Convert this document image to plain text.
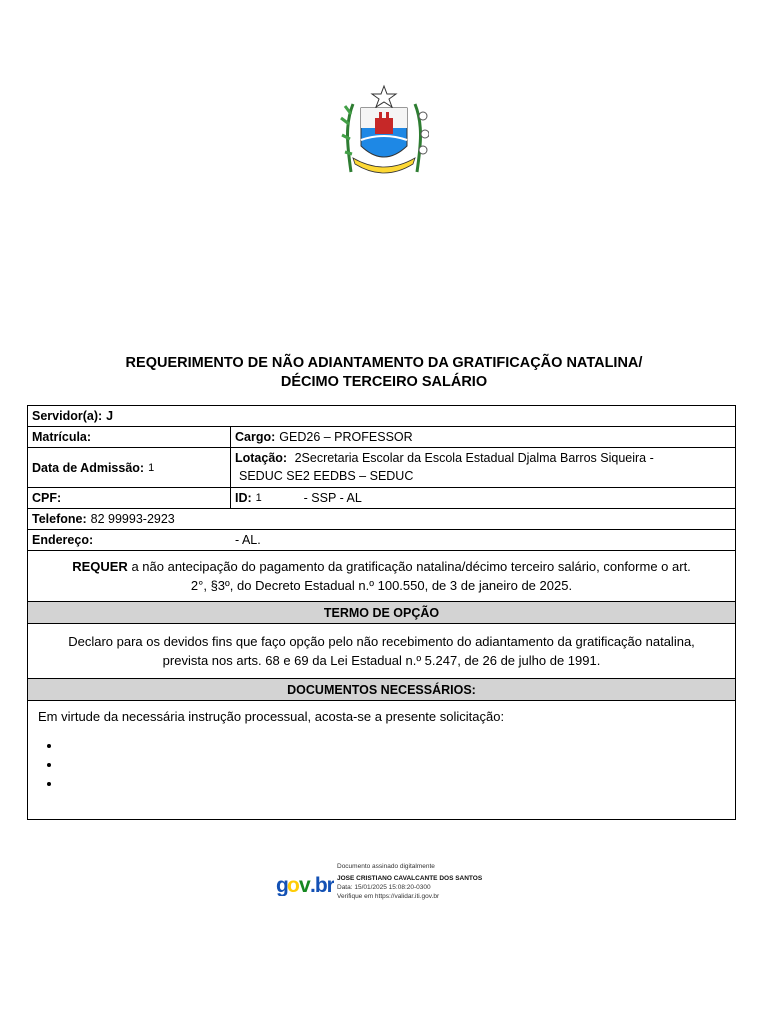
REQUERIMENTO DE NÃO ADIANTAMENTO DA GRATIFICAÇÃO NATALINA/
DÉCIMO TERCEIRO SALÁRIO
Servidor(a): J
Matrícula:	Cargo: GED26 – PROFESSOR
Data de Admissão: 1
Lotação: 2Secretaria Escolar da Escola Estadual Djalma Barros Siqueira -
SEDUC SE2 EEDBS – SEDUC
CPF:	ID: 1	- SSP - AL
Telefone: 82 99993-2923
Endereço:	- AL.
REQUER a não antecipação do pagamento da gratificação natalina/décimo terceiro salário, conforme o art.
2°, §3º, do Decreto Estadual n.º 100.550, de 3 de janeiro de 2025.
TERMO DE OPÇÃO
Declaro para os devidos fins que faço opção pelo não recebimento do adiantamento da gratificação natalina,
prevista nos arts. 68 e 69 da Lei Estadual n.º 5.247, de 26 de julho de 1991.
DOCUMENTOS NECESSÁRIOS:
Em virtude da necessária instrução processual, acosta-se a presente solicitação:
•
•
•
g o v .br
Documento assinado digitalmente
JOSE CRISTIANO CAVALCANTE DOS SANTOS
Data: 15/01/2025 15:08:20-0300
Verifique em https://validar.iti.gov.br
